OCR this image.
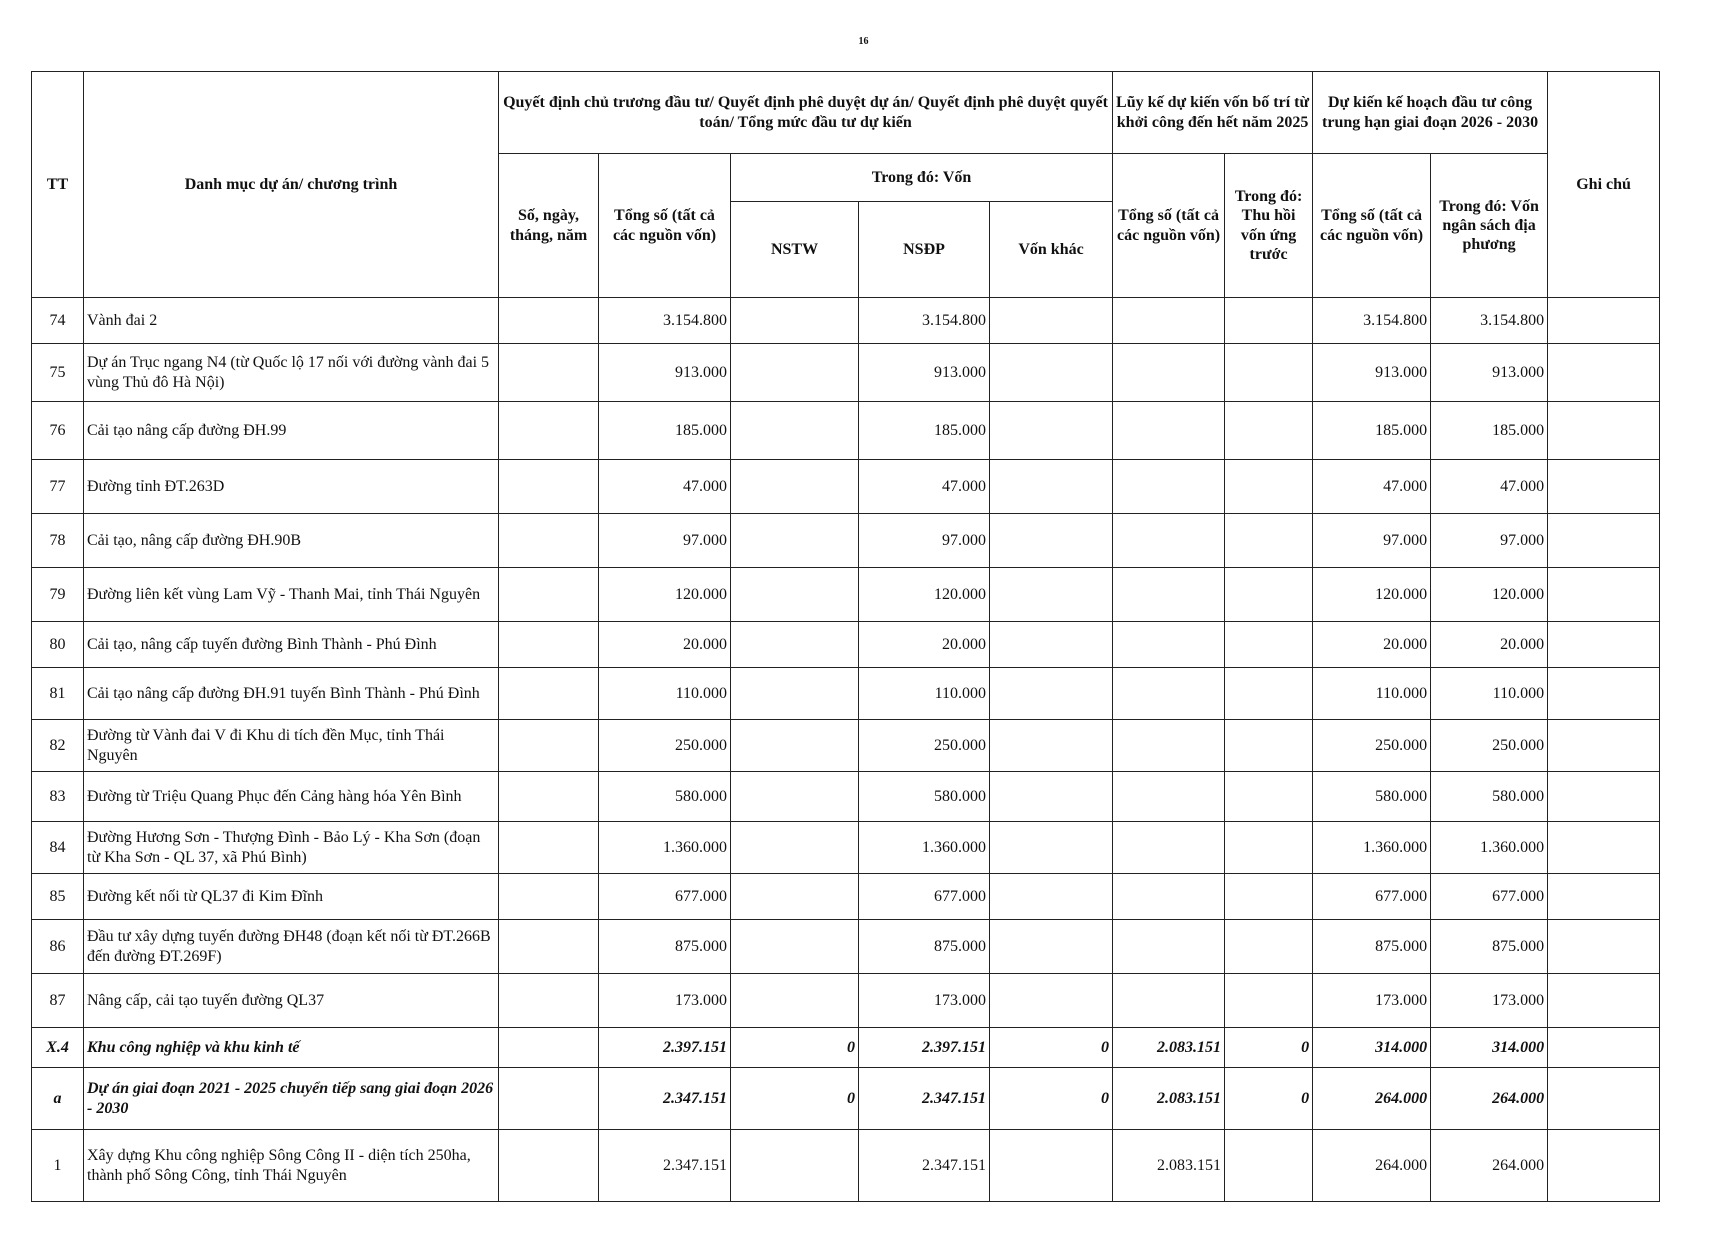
16
TT	Danh mục dự án/ chương trình	Quyết định chủ trương đầu tư/ Quyết định phê duyệt dự án/ Quyết định phê duyệt quyết toán/ Tổng mức đầu tư dự kiến					Lũy kế dự kiến vốn bố trí từ khởi công đến hết năm 2025		Dự kiến kế hoạch đầu tư công trung hạn giai đoạn 2026 - 2030		Ghi chú
		Số, ngày, tháng, năm	Tổng số (tất cả các nguồn vốn)	Trong đó: Vốn			Tổng số (tất cả các nguồn vốn)	Trong đó: Thu hồi vốn ứng trước	Tổng số (tất cả các nguồn vốn)	Trong đó: Vốn ngân sách địa phương	
				NSTW	NSĐP	Vốn khác					
74	Vành đai 2		3.154.800		3.154.800				3.154.800	3.154.800	
75	Dự án Trục ngang N4 (từ Quốc lộ 17 nối với đường vành đai 5 vùng Thủ đô Hà Nội)		913.000		913.000				913.000	913.000	
76	Cải tạo nâng cấp đường ĐH.99		185.000		185.000				185.000	185.000	
77	Đường tỉnh ĐT.263D		47.000		47.000				47.000	47.000	
78	Cải tạo, nâng cấp đường ĐH.90B		97.000		97.000				97.000	97.000	
79	Đường liên kết vùng Lam Vỹ - Thanh Mai, tỉnh Thái Nguyên		120.000		120.000				120.000	120.000	
80	Cải tạo, nâng cấp tuyến đường Bình Thành - Phú Đình		20.000		20.000				20.000	20.000	
81	Cải tạo nâng cấp đường ĐH.91 tuyến Bình Thành - Phú Đình		110.000		110.000				110.000	110.000	
82	Đường từ Vành đai V đi Khu di tích đền Mục, tỉnh Thái Nguyên		250.000		250.000				250.000	250.000	
83	Đường từ Triệu Quang Phục đến Cảng hàng hóa Yên Bình		580.000		580.000				580.000	580.000	
84	Đường Hương Sơn - Thượng Đình - Bảo Lý - Kha Sơn (đoạn từ Kha Sơn - QL 37, xã Phú Bình)		1.360.000		1.360.000				1.360.000	1.360.000	
85	Đường kết nối từ QL37 đi Kim Đĩnh		677.000		677.000				677.000	677.000	
86	Đầu tư xây dựng tuyến đường ĐH48 (đoạn kết nối từ ĐT.266B đến đường ĐT.269F)		875.000		875.000				875.000	875.000	
87	Nâng cấp, cải tạo tuyến đường QL37		173.000		173.000				173.000	173.000	
X.4	Khu công nghiệp và khu kinh tế		2.397.151	0	2.397.151	0	2.083.151	0	314.000	314.000	
a	Dự án giai đoạn 2021 - 2025 chuyển tiếp sang giai đoạn 2026 - 2030		2.347.151	0	2.347.151	0	2.083.151	0	264.000	264.000	
1	Xây dựng Khu công nghiệp Sông Công II - diện tích 250ha, thành phố Sông Công, tỉnh Thái Nguyên		2.347.151		2.347.151		2.083.151		264.000	264.000	
